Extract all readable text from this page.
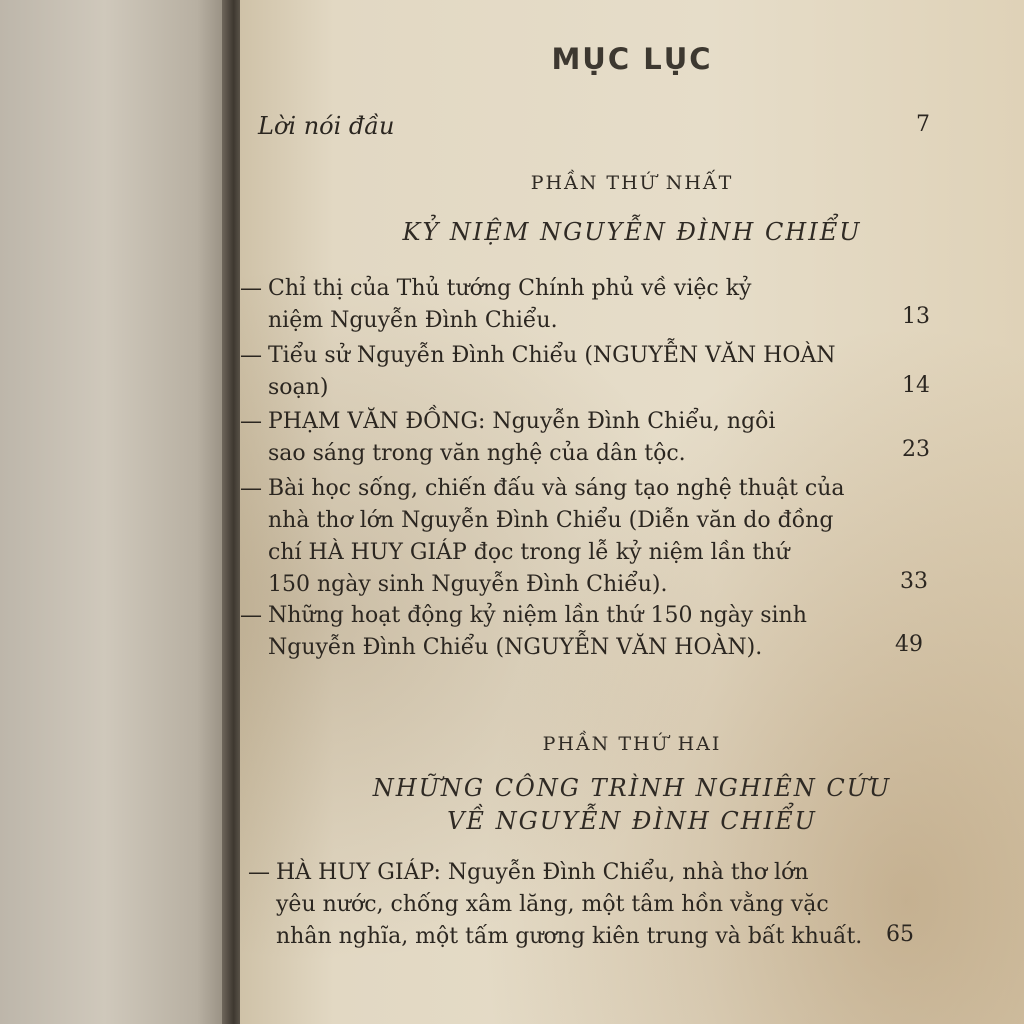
MỤC LỤC
Lời nói đầu	7
PHẦN THỨ NHẤT
KỶ NIỆM NGUYỄN ĐÌNH CHIỂU
— Chỉ thị của Thủ tướng Chính phủ về việc kỷ
niệm Nguyễn Đình Chiểu.	13
— Tiểu sử Nguyễn Đình Chiểu (NGUYỄN VĂN HOÀN
soạn)	14
— PHẠM VĂN ĐỒNG: Nguyễn Đình Chiểu, ngôi
sao sáng trong văn nghệ của dân tộc.	23
— Bài học sống, chiến đấu và sáng tạo nghệ thuật của
nhà thơ lớn Nguyễn Đình Chiểu (Diễn văn do đồng
chí HÀ HUY GIÁP đọc trong lễ kỷ niệm lần thứ
150 ngày sinh Nguyễn Đình Chiểu).	33
— Những hoạt động kỷ niệm lần thứ 150 ngày sinh
Nguyễn Đình Chiểu (NGUYỄN VĂN HOÀN).	49
PHẦN THỨ HAI
NHỮNG CÔNG TRÌNH NGHIÊN CỨU
VỀ NGUYỄN ĐÌNH CHIỂU
— HÀ HUY GIÁP: Nguyễn Đình Chiểu, nhà thơ lớn
yêu nước, chống xâm lăng, một tâm hồn vằng vặc
nhân nghĩa, một tấm gương kiên trung và bất khuất. 65
